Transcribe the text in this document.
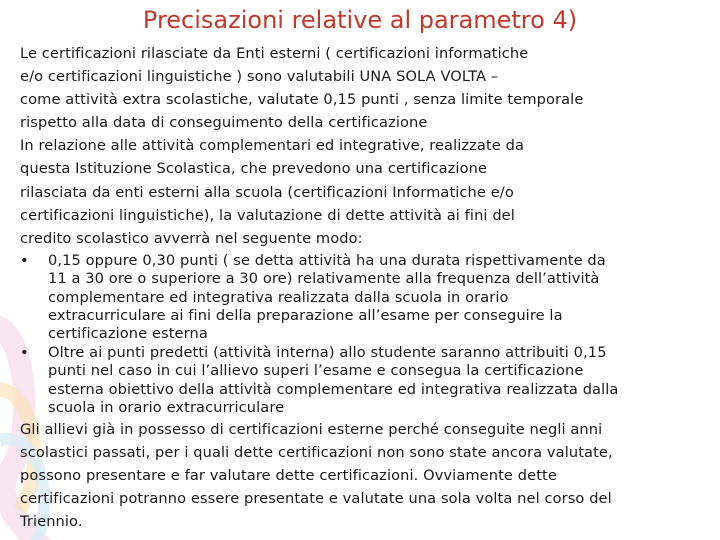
Precisazioni relative al parametro 4)
Le certificazioni rilasciate da Enti esterni ( certificazioni informatiche
e/o certificazioni linguistiche ) sono valutabili UNA SOLA VOLTA –
come attività extra scolastiche, valutate 0,15 punti , senza limite temporale
rispetto alla data di conseguimento della certificazione
In relazione alle attività complementari ed integrative, realizzate da
questa Istituzione Scolastica, che prevedono una certificazione
rilasciata da enti esterni alla scuola (certificazioni Informatiche e/o
certificazioni linguistiche), la valutazione di dette attività ai fini del
credito scolastico avverrà nel seguente modo:
•	0,15 oppure 0,30 punti ( se detta attività ha una durata rispettivamente da
11 a 30 ore o superiore a 30 ore) relativamente alla frequenza dell’attività
complementare ed integrativa realizzata dalla scuola in orario
extracurriculare ai fini della preparazione all’esame per conseguire la
certificazione esterna
•	Oltre ai punti predetti (attività interna) allo studente saranno attribuiti 0,15
punti nel caso in cui l’allievo superi l’esame e consegua la certificazione
esterna obiettivo della attività complementare ed integrativa realizzata dalla
scuola in orario extracurriculare
Gli allievi già in possesso di certificazioni esterne perché conseguite negli anni
scolastici passati, per i quali dette certificazioni non sono state ancora valutate,
possono presentare e far valutare dette certificazioni. Ovviamente dette
certificazioni potranno essere presentate e valutate una sola volta nel corso del
Triennio.
